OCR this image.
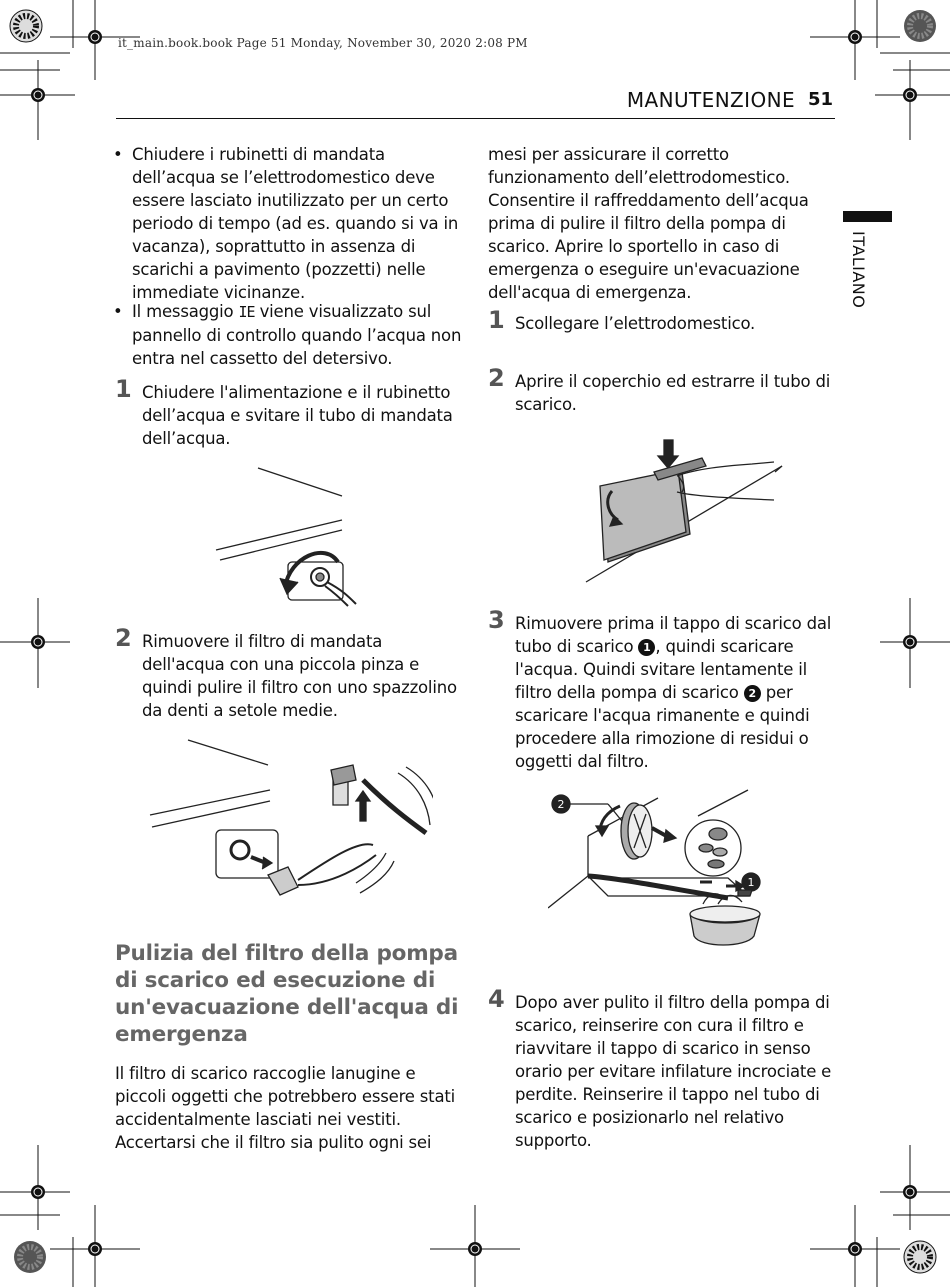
it_main.book.book Page 51 Monday, November 30, 2020 2:08 PM
MANUTENZIONE 51
ITALIANO
• Chiudere i rubinetti di mandata dell’acqua se l’elettrodomestico deve essere lasciato inutilizzato per un certo periodo di tempo (ad es. quando si va in vacanza), soprattutto in assenza di scarichi a pavimento (pozzetti) nelle immediate vicinanze.
• Il messaggio IE viene visualizzato sul pannello di controllo quando l’acqua non entra nel cassetto del detersivo.
1 Chiudere l'alimentazione e il rubinetto dell’acqua e svitare il tubo di mandata dell’acqua.
2 Rimuovere il filtro di mandata dell'acqua con una piccola pinza e quindi pulire il filtro con uno spazzolino da denti a setole medie.
Pulizia del filtro della pompa di scarico ed esecuzione di un'evacuazione dell'acqua di emergenza
Il filtro di scarico raccoglie lanugine e piccoli oggetti che potrebbero essere stati accidentalmente lasciati nei vestiti. Accertarsi che il filtro sia pulito ogni sei
mesi per assicurare il corretto funzionamento dell’elettrodomestico.
Consentire il raffreddamento dell’acqua prima di pulire il filtro della pompa di scarico. Aprire lo sportello in caso di emergenza o eseguire un'evacuazione dell'acqua di emergenza.
1 Scollegare l’elettrodomestico.
2 Aprire il coperchio ed estrarre il tubo di scarico.
3 Rimuovere prima il tappo di scarico dal tubo di scarico 1 , quindi scaricare l'acqua. Quindi svitare lentamente il filtro della pompa di scarico 2 per scaricare l'acqua rimanente e quindi procedere alla rimozione di residui o oggetti dal filtro.
2
1
4 Dopo aver pulito il filtro della pompa di scarico, reinserire con cura il filtro e riavvitare il tappo di scarico in senso orario per evitare infilature incrociate e perdite. Reinserire il tappo nel tubo di scarico e posizionarlo nel relativo supporto.
